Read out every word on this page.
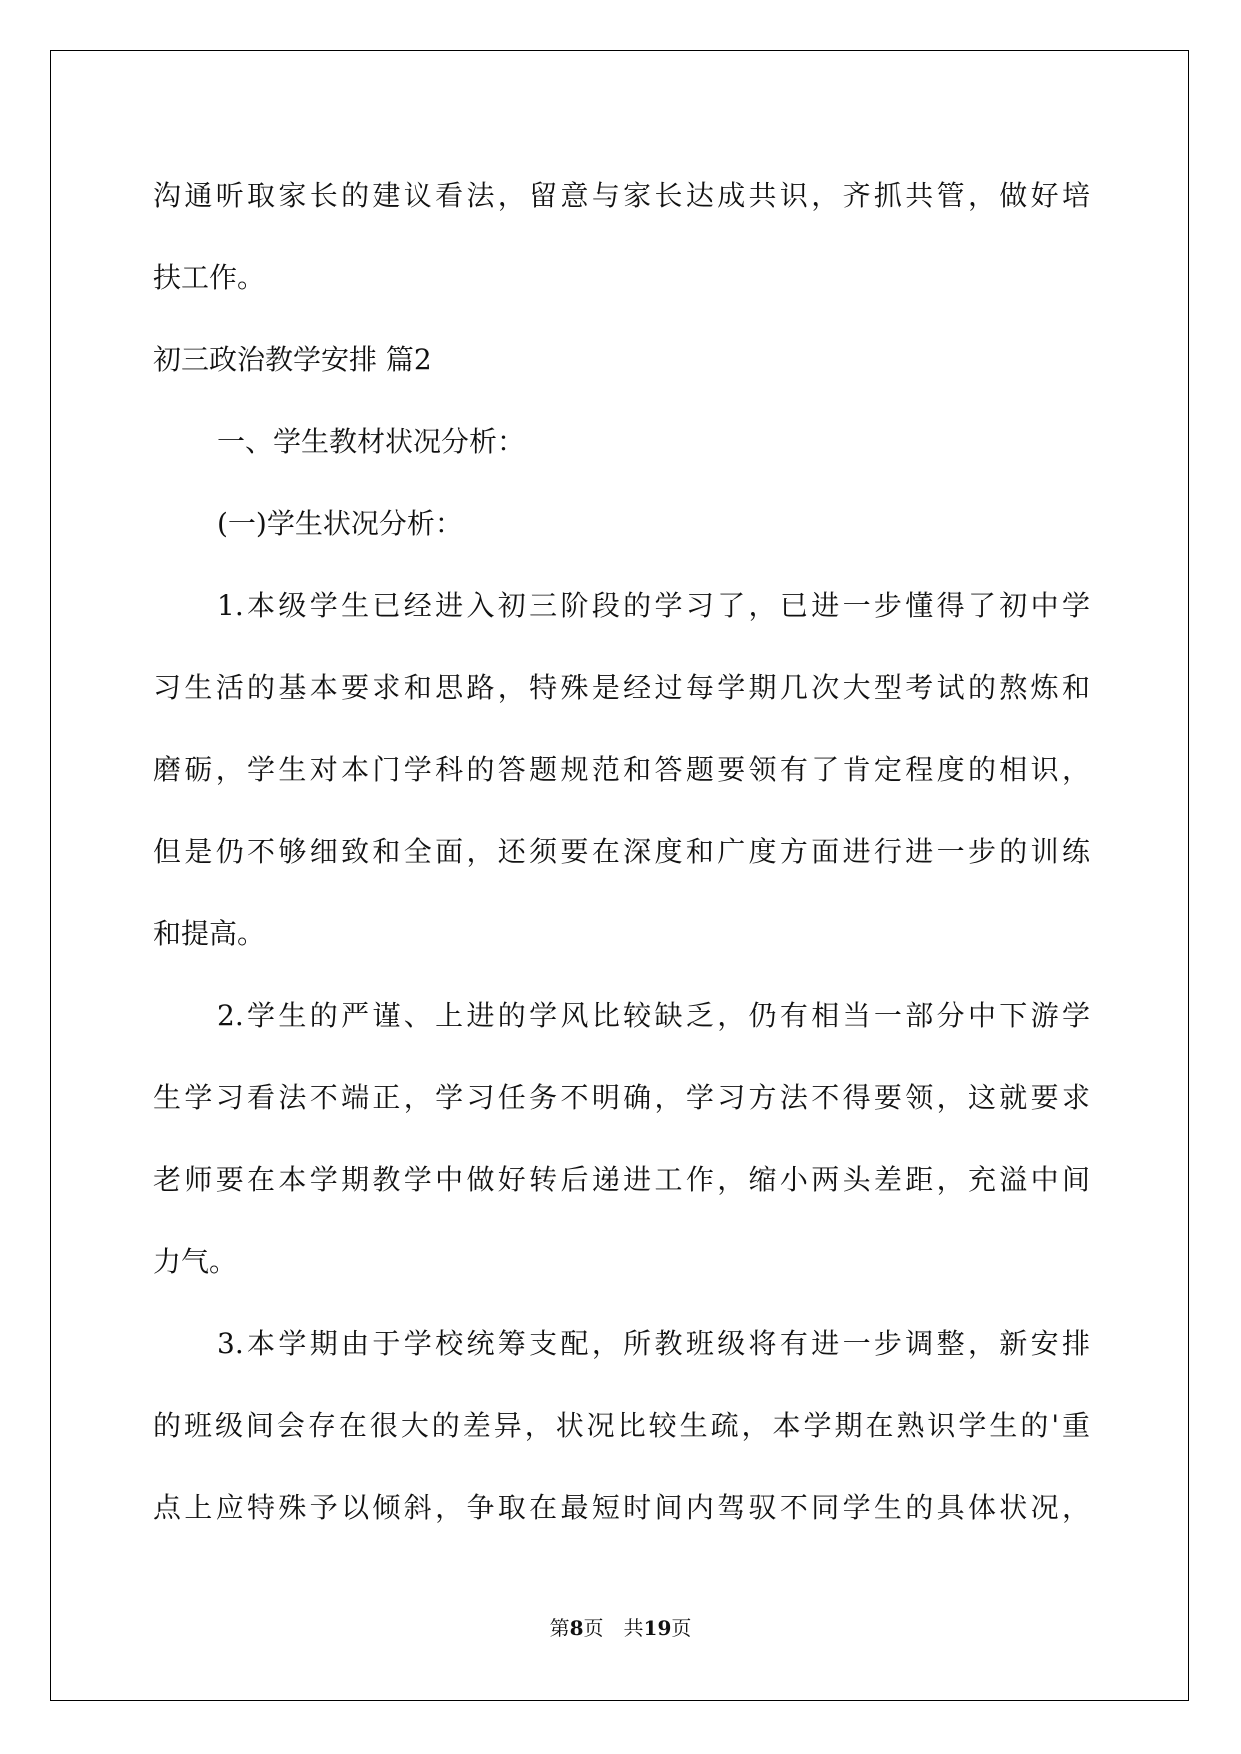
沟通听取家长的建议看法，留意与家长达成共识，齐抓共管，做好培
扶工作。
初三政治教学安排 篇2
一、学生教材状况分析：
(一)学生状况分析：
1.本级学生已经进入初三阶段的学习了，已进一步懂得了初中学
习生活的基本要求和思路，特殊是经过每学期几次大型考试的熬炼和
磨砺，学生对本门学科的答题规范和答题要领有了肯定程度的相识，
但是仍不够细致和全面，还须要在深度和广度方面进行进一步的训练
和提高。
2.学生的严谨、上进的学风比较缺乏，仍有相当一部分中下游学
生学习看法不端正，学习任务不明确，学习方法不得要领，这就要求
老师要在本学期教学中做好转后递进工作，缩小两头差距，充溢中间
力气。
3.本学期由于学校统筹支配，所教班级将有进一步调整，新安排
的班级间会存在很大的差异，状况比较生疏，本学期在熟识学生的'重
点上应特殊予以倾斜，争取在最短时间内驾驭不同学生的具体状况，
第8页　共19页
